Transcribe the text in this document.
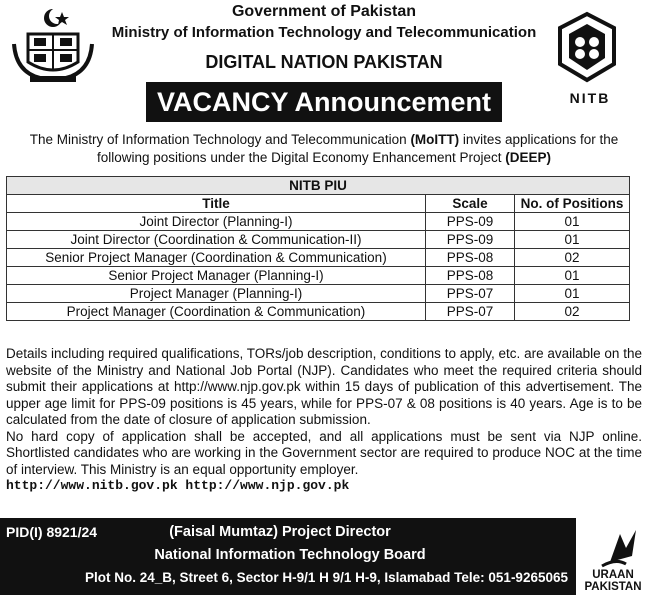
Government of Pakistan
Ministry of Information Technology and Telecommunication
DIGITAL NATION PAKISTAN
VACANCY Announcement	NITB
The Ministry of Information Technology and Telecommunication (MoITT) invites applications for the following positions under the Digital Economy Enhancement Project (DEEP)
NITB PIU		
Title	Scale	No. of Positions
Joint Director (Planning-I)	PPS-09	01
Joint Director (Coordination & Communication-II)	PPS-09	01
Senior Project Manager (Coordination & Communication)	PPS-08	02
Senior Project Manager (Planning-I)	PPS-08	01
Project Manager (Planning-I)	PPS-07	01
Project Manager (Coordination & Communication)	PPS-07	02

Details including required qualifications, TORs/job description, conditions to apply, etc. are available on the website of the Ministry and National Job Portal (NJP). Candidates who meet the required criteria should submit their applications at http://www.njp.gov.pk within 15 days of publication of this advertisement. The upper age limit for PPS-09 positions is 45 years, while for PPS-07 & 08 positions is 40 years. Age is to be calculated from the date of closure of application submission.

No hard copy of application shall be accepted, and all applications must be sent via NJP online. Shortlisted candidates who are working in the Government sector are required to produce NOC at the time of interview. This Ministry is an equal opportunity employer.

http://www.nitb.gov.pk http://www.njp.gov.pk

PID(I) 8921/24	(Faisal Mumtaz) Project Director
National Information Technology Board
Plot No. 24_B, Street 6, Sector H-9/1 H 9/1 H-9, Islamabad Tele: 051-9265065	URAAN
PAKISTAN
